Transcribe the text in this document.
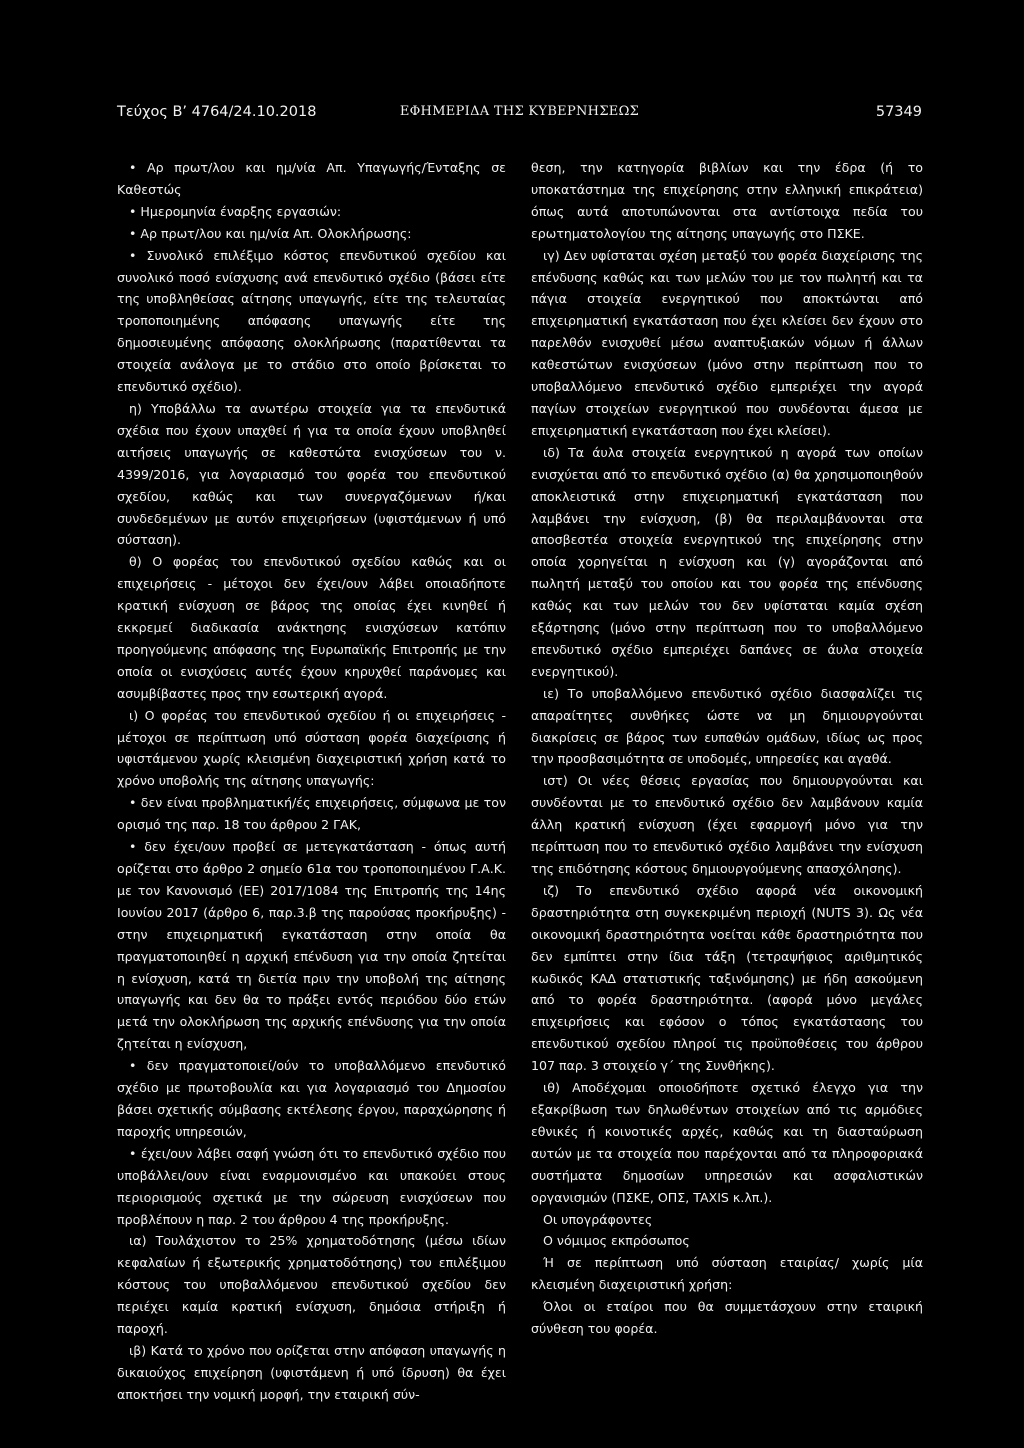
Τεύχος Β’ 4764/24.10.2018	ΕΦΗΜΕΡΙΔΑ ΤΗΣ ΚΥΒΕΡΝΗΣΕΩΣ	57349

• Αρ πρωτ/λου και ημ/νία Απ. Υπαγωγής/Ένταξης σε Καθεστώς

• Ημερομηνία έναρξης εργασιών:

• Αρ πρωτ/λου και ημ/νία Απ. Ολοκλήρωσης:

• Συνολικό επιλέξιμο κόστος επενδυτικού σχεδίου και συνολικό ποσό ενίσχυσης ανά επενδυτικό σχέδιο (βάσει είτε της υποβληθείσας αίτησης υπαγωγής, είτε της τελευταίας τροποποιημένης απόφασης υπαγωγής είτε της δημοσιευμένης απόφασης ολοκλήρωσης (παρατίθενται τα στοιχεία ανάλογα με το στάδιο στο οποίο βρίσκεται το επενδυτικό σχέδιο).

η) Υποβάλλω τα ανωτέρω στοιχεία για τα επενδυτικά σχέδια που έχουν υπαχθεί ή για τα οποία έχουν υποβληθεί αιτήσεις υπαγωγής σε καθεστώτα ενισχύσεων του ν. 4399/2016, για λογαριασμό του φορέα του επενδυτικού σχεδίου, καθώς και των συνεργαζόμενων ή/και συνδεδεμένων με αυτόν επιχειρήσεων (υφιστάμενων ή υπό σύσταση).

θ) Ο φορέας του επενδυτικού σχεδίου καθώς και οι επιχειρήσεις - μέτοχοι δεν έχει/ουν λάβει οποιαδήποτε κρατική ενίσχυση σε βάρος της οποίας έχει κινηθεί ή εκκρεμεί διαδικασία ανάκτησης ενισχύσεων κατόπιν προηγούμενης απόφασης της Ευρωπαϊκής Επιτροπής με την οποία οι ενισχύσεις αυτές έχουν κηρυχθεί παράνομες και ασυμβίβαστες προς την εσωτερική αγορά.

ι) Ο φορέας του επενδυτικού σχεδίου ή οι επιχειρήσεις - μέτοχοι σε περίπτωση υπό σύσταση φορέα διαχείρισης ή υφιστάμενου χωρίς κλεισμένη διαχειριστική χρήση κατά το χρόνο υποβολής της αίτησης υπαγωγής:

• δεν είναι προβληματική/ές επιχειρήσεις, σύμφωνα με τον ορισμό της παρ. 18 του άρθρου 2 ΓΑΚ,

• δεν έχει/ουν προβεί σε μετεγκατάσταση - όπως αυτή ορίζεται στο άρθρο 2 σημείο 61α του τροποποιημένου Γ.Α.Κ. με τον Κανονισμό (ΕΕ) 2017/1084 της Επιτροπής της 14ης Ιουνίου 2017 (άρθρο 6, παρ.3.β της παρούσας προκήρυξης) - στην επιχειρηματική εγκατάσταση στην οποία θα πραγματοποιηθεί η αρχική επένδυση για την οποία ζητείται η ενίσχυση, κατά τη διετία πριν την υποβολή της αίτησης υπαγωγής και δεν θα το πράξει εντός περιόδου δύο ετών μετά την ολοκλήρωση της αρχικής επένδυσης για την οποία ζητείται η ενίσχυση,

• δεν πραγματοποιεί/ούν το υποβαλλόμενο επενδυτικό σχέδιο με πρωτοβουλία και για λογαριασμό του Δημοσίου βάσει σχετικής σύμβασης εκτέλεσης έργου, παραχώρησης ή παροχής υπηρεσιών,

• έχει/ουν λάβει σαφή γνώση ότι το επενδυτικό σχέδιο που υποβάλλει/ουν είναι εναρμονισμένο και υπακούει στους περιορισμούς σχετικά με την σώρευση ενισχύσεων που προβλέπουν η παρ. 2 του άρθρου 4 της προκήρυξης.

ια) Τουλάχιστον το 25% χρηματοδότησης (μέσω ιδίων κεφαλαίων ή εξωτερικής χρηματοδότησης) του επιλέξιμου κόστους του υποβαλλόμενου επενδυτικού σχεδίου δεν περιέχει καμία κρατική ενίσχυση, δημόσια στήριξη ή παροχή.

ιβ) Κατά το χρόνο που ορίζεται στην απόφαση υπαγωγής η δικαιούχος επιχείρηση (υφιστάμενη ή υπό ίδρυση) θα έχει αποκτήσει την νομική μορφή, την εταιρική σύν-

θεση, την κατηγορία βιβλίων και την έδρα (ή το υποκατάστημα της επιχείρησης στην ελληνική επικράτεια) όπως αυτά αποτυπώνονται στα αντίστοιχα πεδία του ερωτηματολογίου της αίτησης υπαγωγής στο ΠΣΚΕ.

ιγ) Δεν υφίσταται σχέση μεταξύ του φορέα διαχείρισης της επένδυσης καθώς και των μελών του με τον πωλητή και τα πάγια στοιχεία ενεργητικού που αποκτώνται από επιχειρηματική εγκατάσταση που έχει κλείσει δεν έχουν στο παρελθόν ενισχυθεί μέσω αναπτυξιακών νόμων ή άλλων καθεστώτων ενισχύσεων (μόνο στην περίπτωση που το υποβαλλόμενο επενδυτικό σχέδιο εμπεριέχει την αγορά παγίων στοιχείων ενεργητικού που συνδέονται άμεσα με επιχειρηματική εγκατάσταση που έχει κλείσει).

ιδ) Τα άυλα στοιχεία ενεργητικού η αγορά των οποίων ενισχύεται από το επενδυτικό σχέδιο (α) θα χρησιμοποιηθούν αποκλειστικά στην επιχειρηματική εγκατάσταση που λαμβάνει την ενίσχυση, (β) θα περιλαμβάνονται στα αποσβεστέα στοιχεία ενεργητικού της επιχείρησης στην οποία χορηγείται η ενίσχυση και (γ) αγοράζονται από πωλητή μεταξύ του οποίου και του φορέα της επένδυσης καθώς και των μελών του δεν υφίσταται καμία σχέση εξάρτησης (μόνο στην περίπτωση που το υποβαλλόμενο επενδυτικό σχέδιο εμπεριέχει δαπάνες σε άυλα στοιχεία ενεργητικού).

ιε) Το υποβαλλόμενο επενδυτικό σχέδιο διασφαλίζει τις απαραίτητες συνθήκες ώστε να μη δημιουργούνται διακρίσεις σε βάρος των ευπαθών ομάδων, ιδίως ως προς την προσβασιμότητα σε υποδομές, υπηρεσίες και αγαθά.

ιστ) Οι νέες θέσεις εργασίας που δημιουργούνται και συνδέονται με το επενδυτικό σχέδιο δεν λαμβάνουν καμία άλλη κρατική ενίσχυση (έχει εφαρμογή μόνο για την περίπτωση που το επενδυτικό σχέδιο λαμβάνει την ενίσχυση της επιδότησης κόστους δημιουργούμενης απασχόλησης).

ιζ) Το επενδυτικό σχέδιο αφορά νέα οικονομική δραστηριότητα στη συγκεκριμένη περιοχή (NUTS 3). Ως νέα οικονομική δραστηριότητα νοείται κάθε δραστηριότητα που δεν εμπίπτει στην ίδια τάξη (τετραψήφιος αριθμητικός κωδικός ΚΑΔ στατιστικής ταξινόμησης) με ήδη ασκούμενη από το φορέα δραστηριότητα. (αφορά μόνο μεγάλες επιχειρήσεις και εφόσον ο τόπος εγκατάστασης του επενδυτικού σχεδίου πληροί τις προϋποθέσεις του άρθρου 107 παρ. 3 στοιχείο γ΄ της Συνθήκης).

ιθ) Αποδέχομαι οποιοδήποτε σχετικό έλεγχο για την εξακρίβωση των δηλωθέντων στοιχείων από τις αρμόδιες εθνικές ή κοινοτικές αρχές, καθώς και τη διασταύρωση αυτών με τα στοιχεία που παρέχονται από τα πληροφοριακά συστήματα δημοσίων υπηρεσιών και ασφαλιστικών οργανισμών (ΠΣΚΕ, ΟΠΣ, TAXIS κ.λπ.).

Οι υπογράφοντες

Ο νόμιμος εκπρόσωπος

Ή σε περίπτωση υπό σύσταση εταιρίας/ χωρίς μία κλεισμένη διαχειριστική χρήση:

Όλοι οι εταίροι που θα συμμετάσχουν στην εταιρική σύνθεση του φορέα.
